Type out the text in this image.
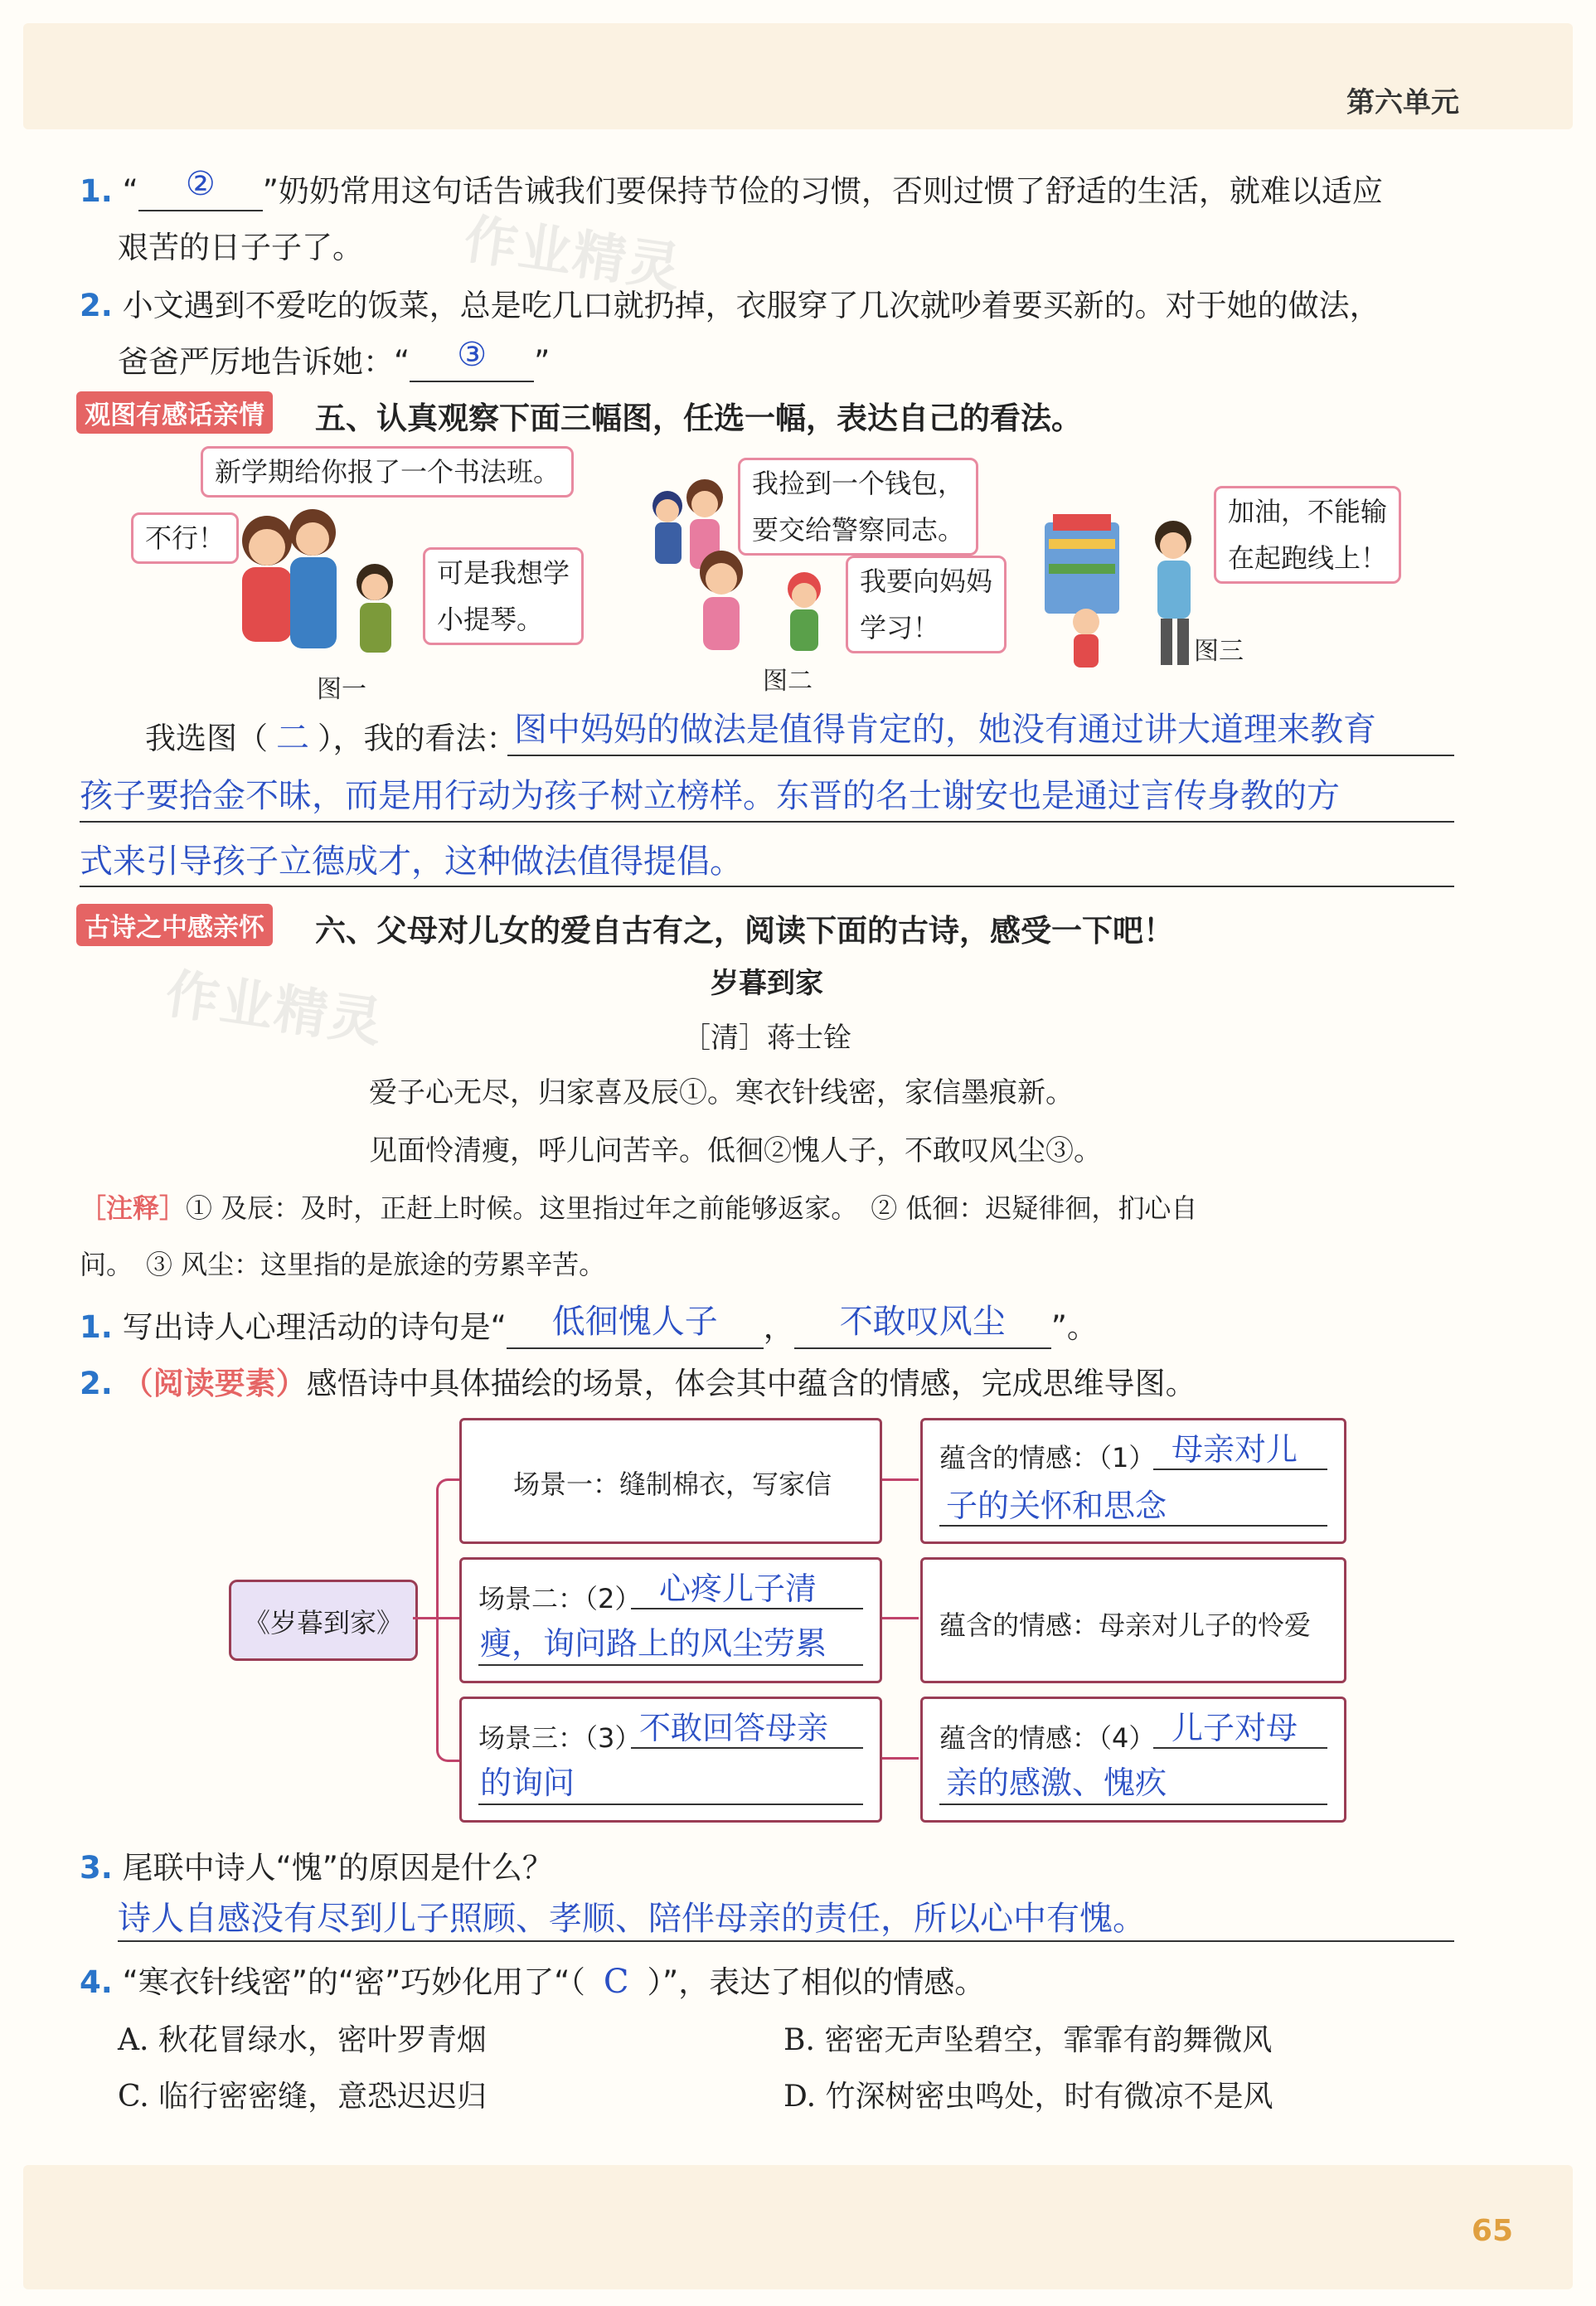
第六单元
65
作业精灵
作业精灵
1. “ ② ”奶奶常用这句话告诫我们要保持节俭的习惯，否则过惯了舒适的生活，就难以适应
艰苦的日子子了。
2. 小文遇到不爱吃的饭菜，总是吃几口就扔掉，衣服穿了几次就吵着要买新的。对于她的做法，
爸爸严厉地告诉她：“ ③ ”
观图有感话亲情 五、认真观察下面三幅图，任选一幅，表达自己的看法。
新学期给你报了一个书法班。
不行！
可是我想学
小提琴。
图一
我捡到一个钱包，
要交给警察同志。
我要向妈妈
学习！
图二
加油，不能输
在起跑线上！
图三
我选图（ 二 ），我的看法：
图中妈妈的做法是值得肯定的，她没有通过讲大道理来教育
孩子要拾金不昧，而是用行动为孩子树立榜样。东晋的名士谢安也是通过言传身教的方
式来引导孩子立德成才，这种做法值得提倡。
古诗之中感亲怀 六、父母对儿女的爱自古有之，阅读下面的古诗，感受一下吧！
岁暮到家
［清］蒋士铨
爱子心无尽，归家喜及辰①。寒衣针线密，家信墨痕新。
见面怜清瘦，呼儿问苦辛。低徊②愧人子，不敢叹风尘③。
［注释］① 及辰：及时，正赶上时候。这里指过年之前能够返家。　② 低徊：迟疑徘徊，扪心自
问。　③ 风尘：这里指的是旅途的劳累辛苦。
1. 写出诗人心理活动的诗句是“ 低徊愧人子 ， 不敢叹风尘 ”。
2. （阅读要素）感悟诗中具体描绘的场景，体会其中蕴含的情感，完成思维导图。
《岁暮到家》
场景一：缝制棉衣，写家信
蕴含的情感：（1） 母亲对儿
子的关怀和思念
场景二：（2） 心疼儿子清
瘦，询问路上的风尘劳累	蕴含的情感：母亲对儿子的怜爱
场景三：（3）
不敢回答母亲
的询问
蕴含的情感：（4） 儿子对母
亲的感激、愧疚
3. 尾联中诗人“愧”的原因是什么？
诗人自感没有尽到儿子照顾、孝顺、陪伴母亲的责任，所以心中有愧。
4. “寒衣针线密”的“密”巧妙化用了“（ C ）”，表达了相似的情感。
A. 秋花冒绿水，密叶罗青烟	B. 密密无声坠碧空，霏霏有韵舞微风
C. 临行密密缝，意恐迟迟归	D. 竹深树密虫鸣处，时有微凉不是风
